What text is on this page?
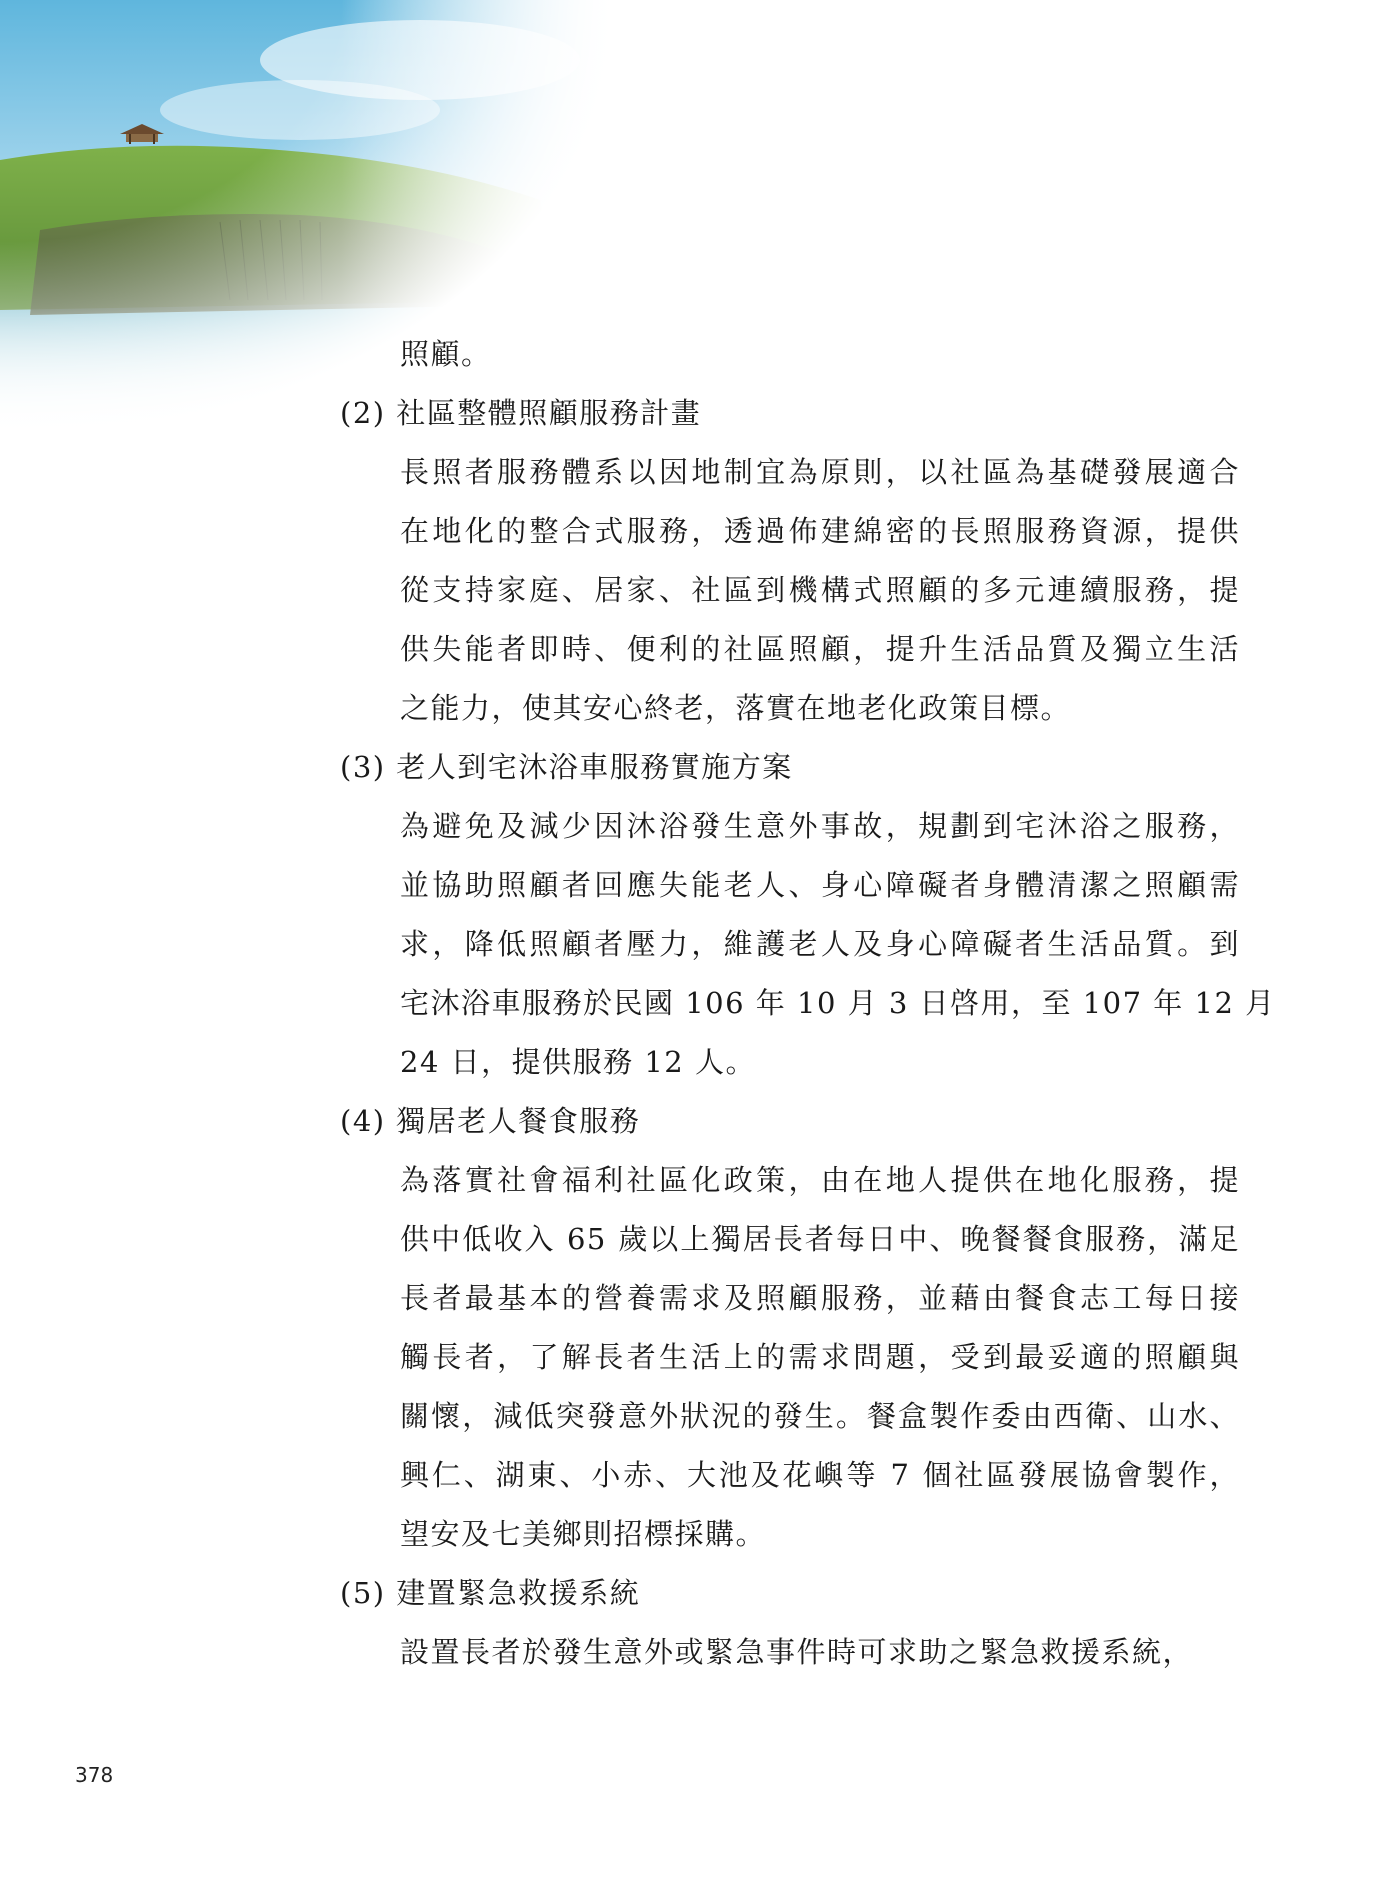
照顧。
(2) 社區整體照顧服務計畫
長照者服務體系以因地制宜為原則，以社區為基礎發展適合
在地化的整合式服務，透過佈建綿密的長照服務資源，提供
從支持家庭、居家、社區到機構式照顧的多元連續服務，提
供失能者即時、便利的社區照顧，提升生活品質及獨立生活
之能力，使其安心終老，落實在地老化政策目標。
(3) 老人到宅沐浴車服務實施方案
為避免及減少因沐浴發生意外事故，規劃到宅沐浴之服務，
並協助照顧者回應失能老人、身心障礙者身體清潔之照顧需
求，降低照顧者壓力，維護老人及身心障礙者生活品質。到
宅沐浴車服務於民國 106 年 10 月 3 日啓用，至 107 年 12 月
24 日，提供服務 12 人。
(4) 獨居老人餐食服務
為落實社會福利社區化政策，由在地人提供在地化服務，提
供中低收入 65 歲以上獨居長者每日中、晚餐餐食服務，滿足
長者最基本的營養需求及照顧服務，並藉由餐食志工每日接
觸長者，了解長者生活上的需求問題，受到最妥適的照顧與
關懷，減低突發意外狀況的發生。餐盒製作委由西衛、山水、
興仁、湖東、小赤、大池及花嶼等 7 個社區發展協會製作，
望安及七美鄉則招標採購。
(5) 建置緊急救援系統
設置長者於發生意外或緊急事件時可求助之緊急救援系統，
378
